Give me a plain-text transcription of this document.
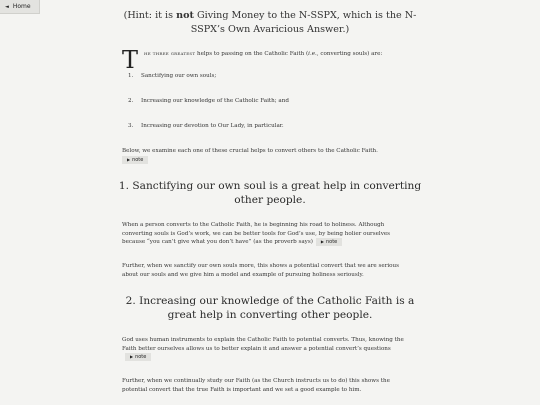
◄ Home
(Hint: it is not Giving Money to the N-SSPX, which is the N-SSPX’s Own Avaricious Answer.)
T	he three greatest helps to passing on the Catholic Faith (i.e., converting souls) are:
1. Sanctifying our own souls;
2. Increasing our knowledge of the Catholic Faith; and
3. Increasing our devotion to Our Lady, in particular.
Below, we examine each one of these crucial helps to convert others to the Catholic Faith.
▶ note
1. Sanctifying our own soul is a great help in converting other people.
When a person converts to the Catholic Faith, he is beginning his road to holiness. Although converting souls is God’s work, we can be better tools for God’s use, by being holier ourselves because “you can’t give what you don’t have” (as the proverb says) ▶ note
Further, when we sanctify our own souls more, this shows a potential convert that we are serious about our souls and we give him a model and example of pursuing holiness seriously.
2. Increasing our knowledge of the Catholic Faith is a great help in converting other people.
God uses human instruments to explain the Catholic Faith to potential converts. Thus, knowing the Faith better ourselves allows us to better explain it and answer a potential convert’s questions▶ note
Further, when we continually study our Faith (as the Church instructs us to do) this shows the potential convert that the true Faith is important and we set a good example to him.
